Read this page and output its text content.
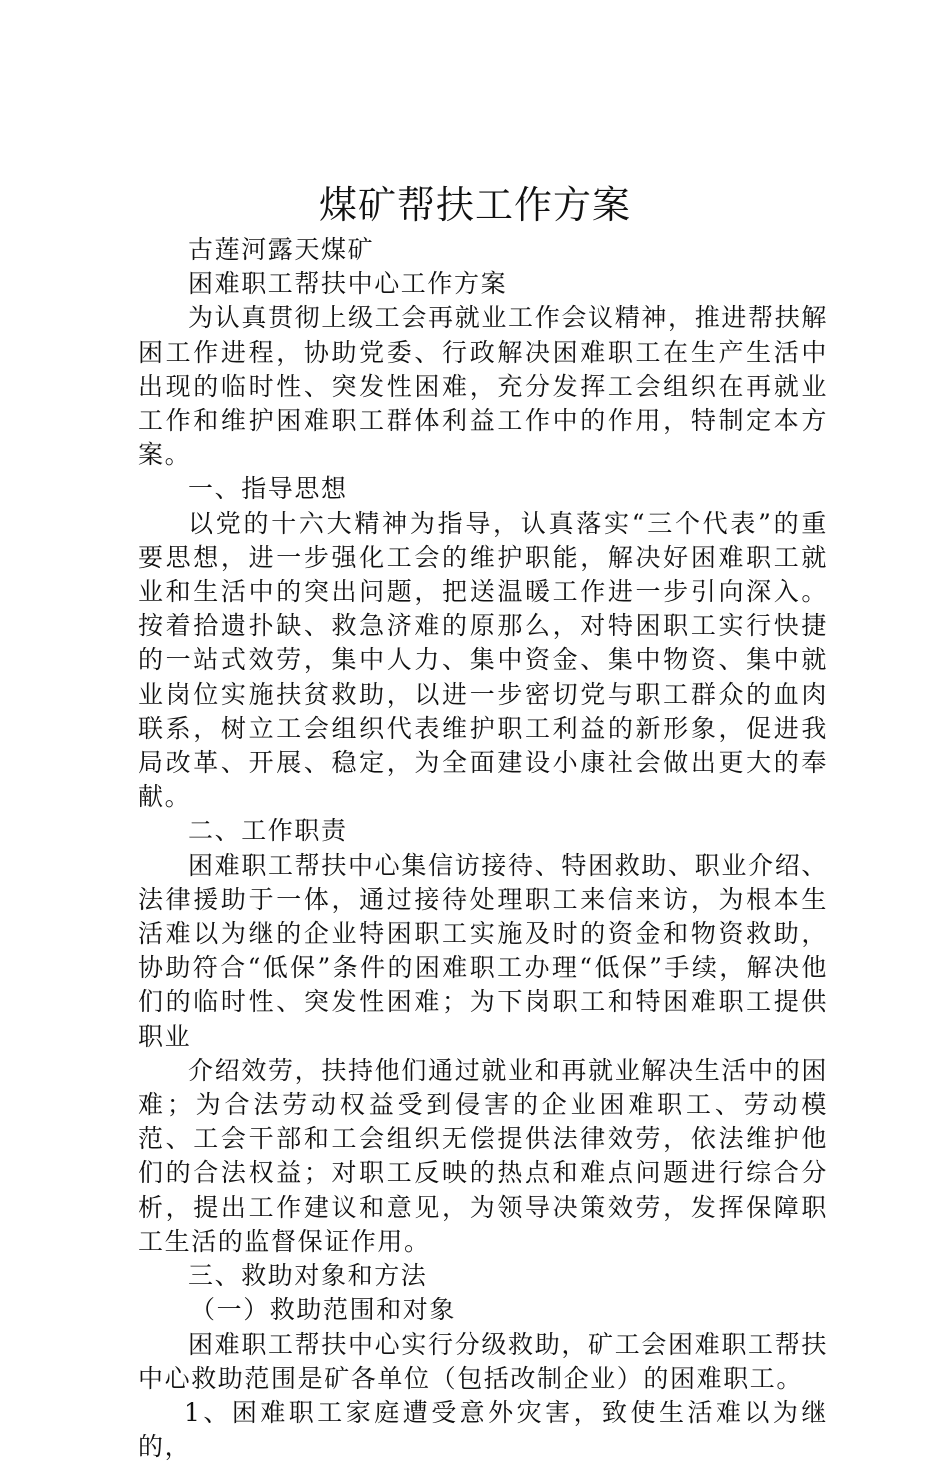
煤矿帮扶工作方案

古莲河露天煤矿

困难职工帮扶中心工作方案

为认真贯彻上级工会再就业工作会议精神，推进帮扶解困工作进程，协助党委、行政解决困难职工在生产生活中出现的临时性、突发性困难，充分发挥工会组织在再就业工作和维护困难职工群体利益工作中的作用，特制定本方案。

一、指导思想

以党的十六大精神为指导，认真落实“三个代表”的重要思想，进一步强化工会的维护职能，解决好困难职工就业和生活中的突出问题，把送温暖工作进一步引向深入。按着拾遗扑缺、救急济难的原那么，对特困职工实行快捷的一站式效劳，集中人力、集中资金、集中物资、集中就业岗位实施扶贫救助，以进一步密切党与职工群众的血肉联系，树立工会组织代表维护职工利益的新形象，促进我局改革、开展、稳定，为全面建设小康社会做出更大的奉献。

二、工作职责

困难职工帮扶中心集信访接待、特困救助、职业介绍、法律援助于一体，通过接待处理职工来信来访，为根本生活难以为继的企业特困职工实施及时的资金和物资救助，协助符合“低保”条件的困难职工办理“低保”手续，解决他们的临时性、突发性困难；为下岗职工和特困难职工提供职业

介绍效劳，扶持他们通过就业和再就业解决生活中的困难；为合法劳动权益受到侵害的企业困难职工、劳动模范、工会干部和工会组织无偿提供法律效劳，依法维护他们的合法权益；对职工反映的热点和难点问题进行综合分析，提出工作建议和意见，为领导决策效劳，发挥保障职工生活的监督保证作用。

三、救助对象和方法

（一）救助范围和对象

困难职工帮扶中心实行分级救助，矿工会困难职工帮扶中心救助范围是矿各单位（包括改制企业）的困难职工。

1、困难职工家庭遭受意外灾害，致使生活难以为继的，
